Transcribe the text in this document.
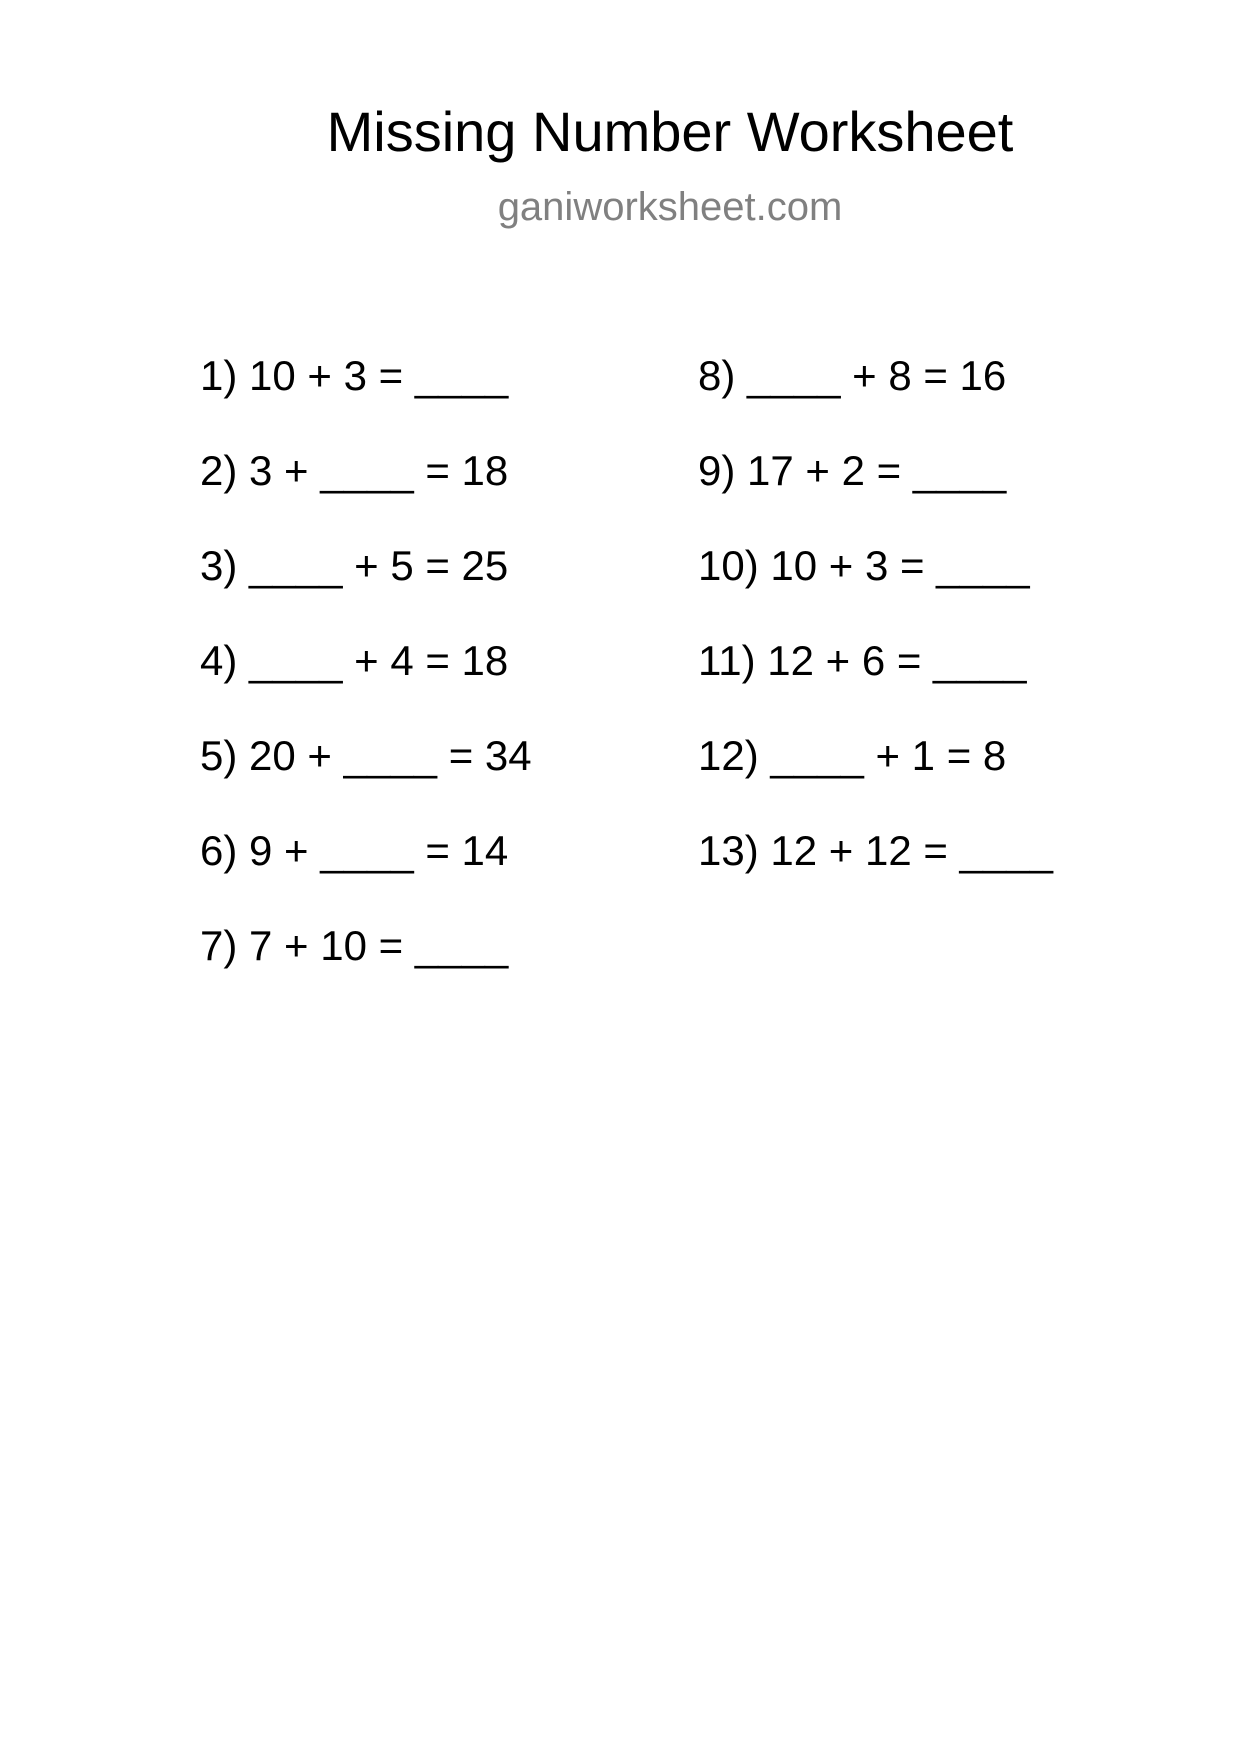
Missing Number Worksheet
ganiworksheet.com
1) 10 + 3 = ____
2) 3 + ____ = 18
3) ____ + 5 = 25
4) ____ + 4 = 18
5) 20 + ____ = 34
6) 9 + ____ = 14
7) 7 + 10 = ____
8) ____ + 8 = 16
9) 17 + 2 = ____
10) 10 + 3 = ____
11) 12 + 6 = ____
12) ____ + 1 = 8
13) 12 + 12 = ____
